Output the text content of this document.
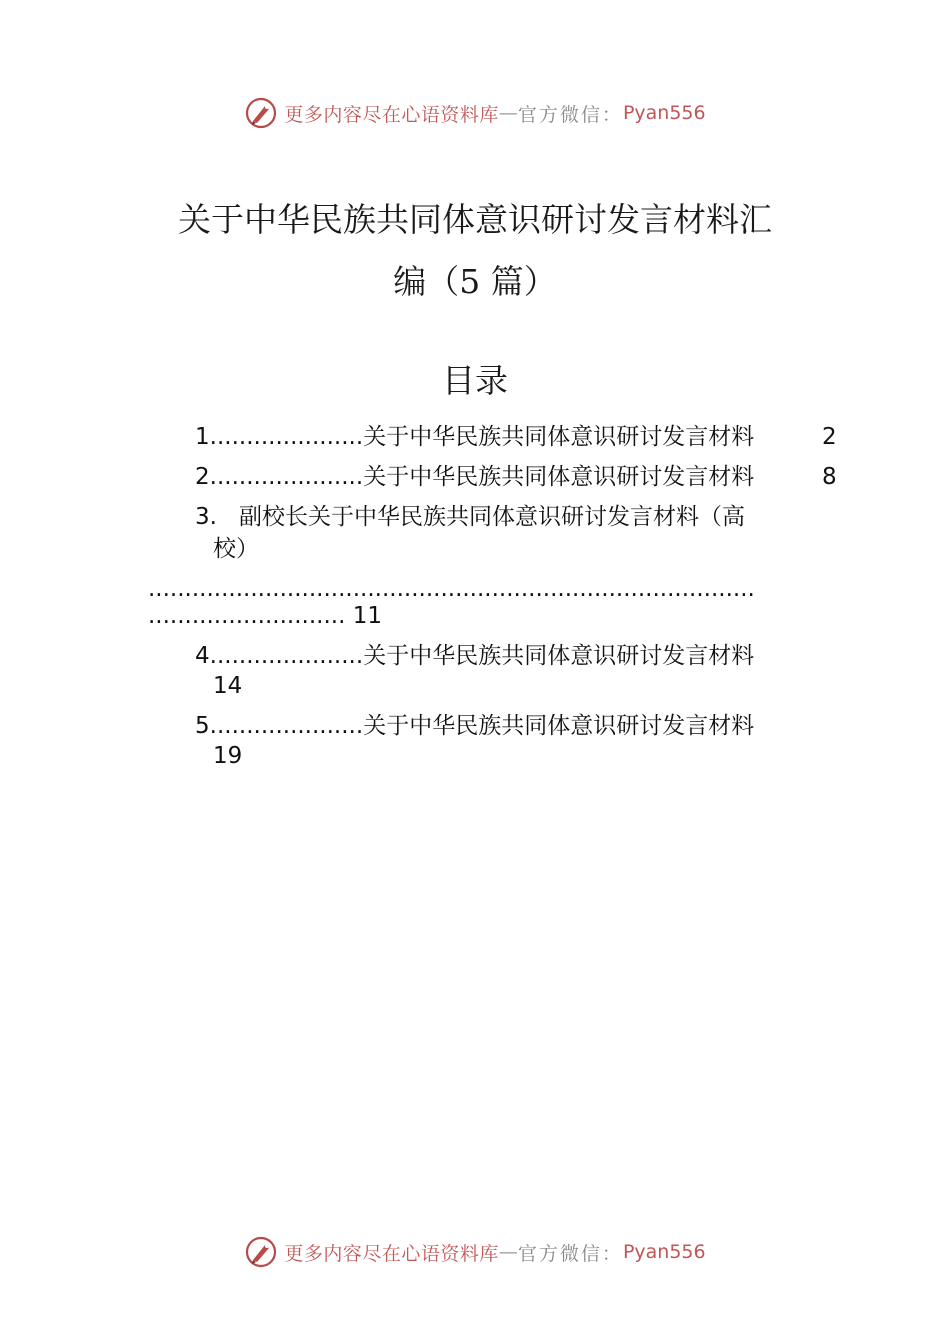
更多内容尽在心语资料库 — 官方微信： Pyan556
关于中华民族共同体意识研讨发言材料汇
编（5 篇）
目录
1.....................关于中华民族共同体意识研讨发言材料	2
2.....................关于中华民族共同体意识研讨发言材料	8
3. 副校长关于中华民族共同体意识研讨发言材料（高
校）
...................................................................................
........................... 11
4.....................关于中华民族共同体意识研讨发言材料
14
5.....................关于中华民族共同体意识研讨发言材料
19
更多内容尽在心语资料库 — 官方微信： Pyan556
